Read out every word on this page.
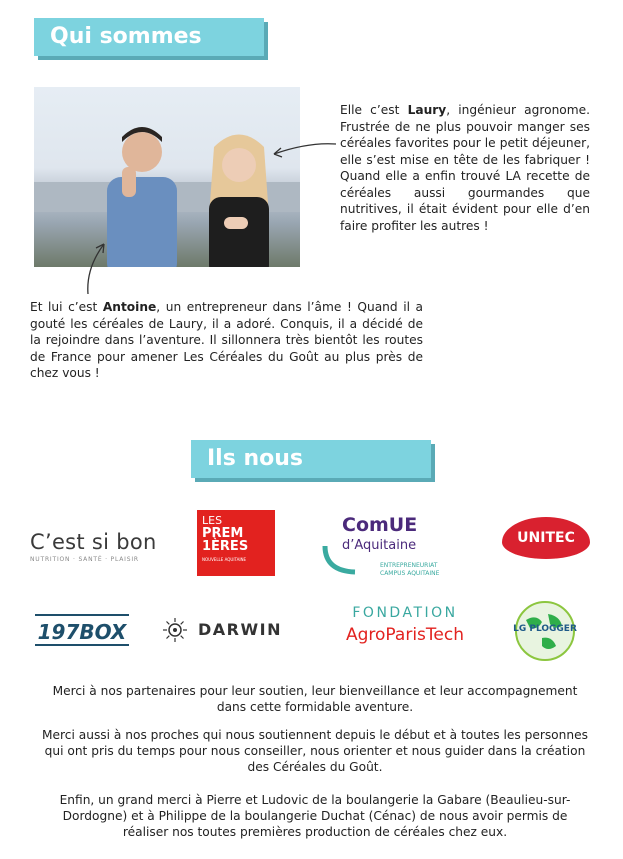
Qui sommes nous ?
Elle c’est Laury, ingénieur agronome. Frustrée de ne plus pouvoir manger ses céréales favorites pour le petit déjeuner, elle s’est mise en tête de les fabriquer ! Quand elle a enfin trouvé LA recette de céréales aussi gourmandes que nutritives, il était évident pour elle d’en faire profiter les autres !
Et lui c’est Antoine, un entrepreneur dans l’âme ! Quand il a gouté les céréales de Laury, il a adoré. Conquis, il a décidé de la rejoindre dans l’aventure. Il sillonnera très bientôt les routes de France pour amener Les Céréales du Goût au plus près de chez vous !
Ils nous soutiennent
C’est si bon
NUTRITION · SANTÉ · PLAISIR
LES
PREM
1ÈRES
NOUVELLE AQUITAINE
ComUE
d’Aquitaine
ENTREPRENEURIAT
CAMPUS AQUITAINE
UNITEC
197BOX	DARWIN
FONDATION
AgroParisTech	LG PLOGGER
Merci à nos partenaires pour leur soutien, leur bienveillance et leur accompagnement dans cette formidable aventure.
Merci aussi à nos proches qui nous soutiennent depuis le début et à toutes les personnes qui ont pris du temps pour nous conseiller, nous orienter et nous guider dans la création des Céréales du Goût.
Enfin, un grand merci à Pierre et Ludovic de la boulangerie la Gabare (Beaulieu-sur-Dordogne) et à Philippe de la boulangerie Duchat (Cénac) de nous avoir permis de réaliser nos toutes premières production de céréales chez eux.
